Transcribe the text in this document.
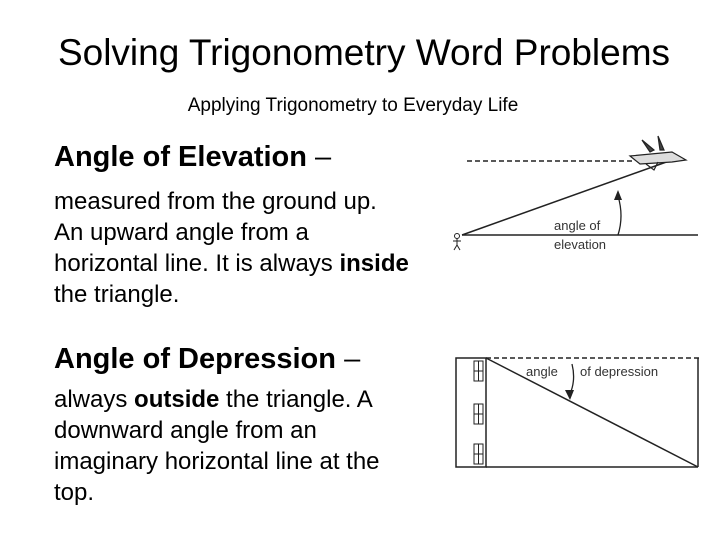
Solving Trigonometry Word Problems
Applying Trigonometry to Everyday Life
Angle of Elevation –
measured from the ground up.
An upward angle from a
horizontal line. It is always inside
the triangle.
Angle of Depression –
always outside the triangle. A
downward angle from an
imaginary horizontal line at the
top.
angle of
elevation
angle of depression
